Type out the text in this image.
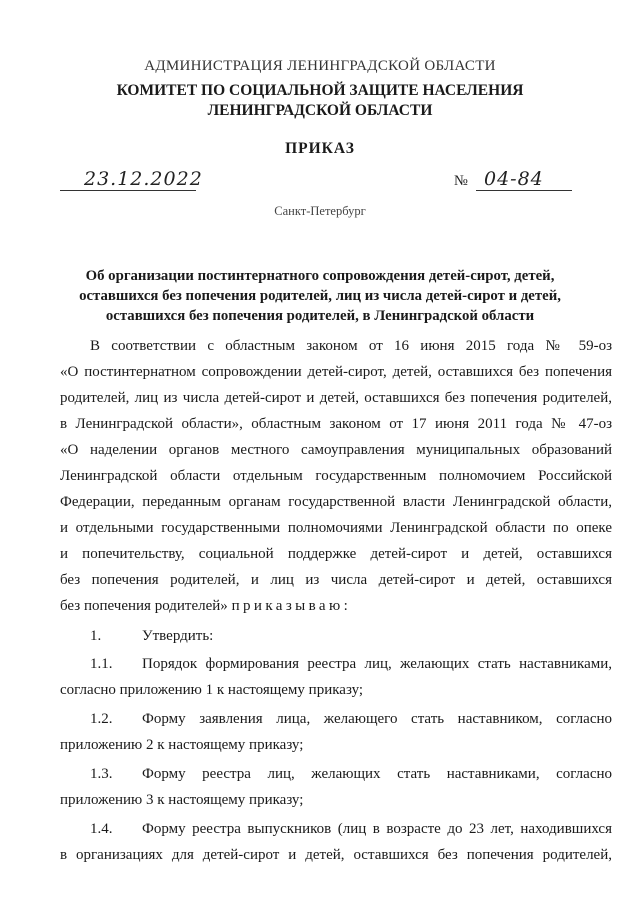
АДМИНИСТРАЦИЯ ЛЕНИНГРАДСКОЙ ОБЛАСТИ
КОМИТЕТ ПО СОЦИАЛЬНОЙ ЗАЩИТЕ НАСЕЛЕНИЯ
ЛЕНИНГРАДСКОЙ ОБЛАСТИ
ПРИКАЗ
23.12.2022	№ 04-84
Санкт-Петербург
Об организации постинтернатного сопровождения детей-сирот, детей,
оставшихся без попечения родителей, лиц из числа детей-сирот и детей,
оставшихся без попечения родителей, в Ленинградской области
В соответствии с областным законом от 16 июня 2015 года № 59-оз
«О постинтернатном сопровождении детей-сирот, детей, оставшихся без попечения
родителей, лиц из числа детей-сирот и детей, оставшихся без попечения родителей,
в Ленинградской области», областным законом от 17 июня 2011 года № 47-оз
«О наделении органов местного самоуправления муниципальных образований
Ленинградской области отдельным государственным полномочием Российской
Федерации, переданным органам государственной власти Ленинградской области,
и отдельными государственными полномочиями Ленинградской области по опеке
и попечительству, социальной поддержке детей-сирот и детей, оставшихся
без попечения родителей, и лиц из числа детей-сирот и детей, оставшихся
без попечения родителей» приказываю:
1.	Утвердить:
1.1. Порядок формирования реестра лиц, желающих стать наставниками,
согласно приложению 1 к настоящему приказу;
1.2. Форму заявления лица, желающего стать наставником, согласно
приложению 2 к настоящему приказу;
1.3. Форму реестра лиц, желающих стать наставниками, согласно
приложению 3 к настоящему приказу;
1.4. Форму реестра выпускников (лиц в возрасте до 23 лет, находившихся
в организациях для детей-сирот и детей, оставшихся без попечения родителей,
